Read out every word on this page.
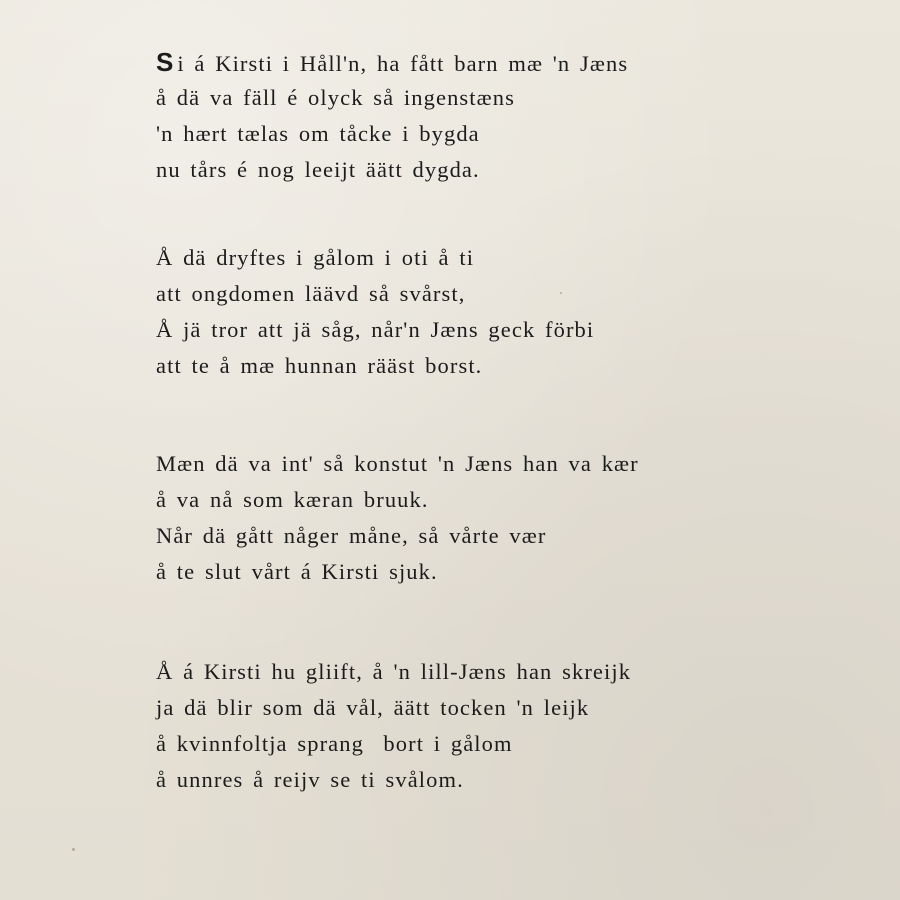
Si á Kirsti i Håll'n, ha fått barn mæ 'n Jæns
å dä va fäll é olyck så ingenstæns
'n hært tælas om tåcke i bygda
nu tårs é nog leeijt äätt dygda.
Å dä dryftes i gålom i oti å ti
att ongdomen läävd så svårst,
Å jä tror att jä såg, når'n Jæns geck förbi
att te å mæ hunnan rääst borst.
Mæn dä va int' så konstut 'n Jæns han va kær
å va nå som kæran bruuk.
Når dä gått någer måne, så vårte vær
å te slut vårt á Kirsti sjuk.
Å á Kirsti hu gliift, å 'n lill-Jæns han skreijk
ja dä blir som dä vål, äätt tocken 'n leijk
å kvinnfoltja sprang  bort i gålom
å unnres å reijv se ti svålom.
